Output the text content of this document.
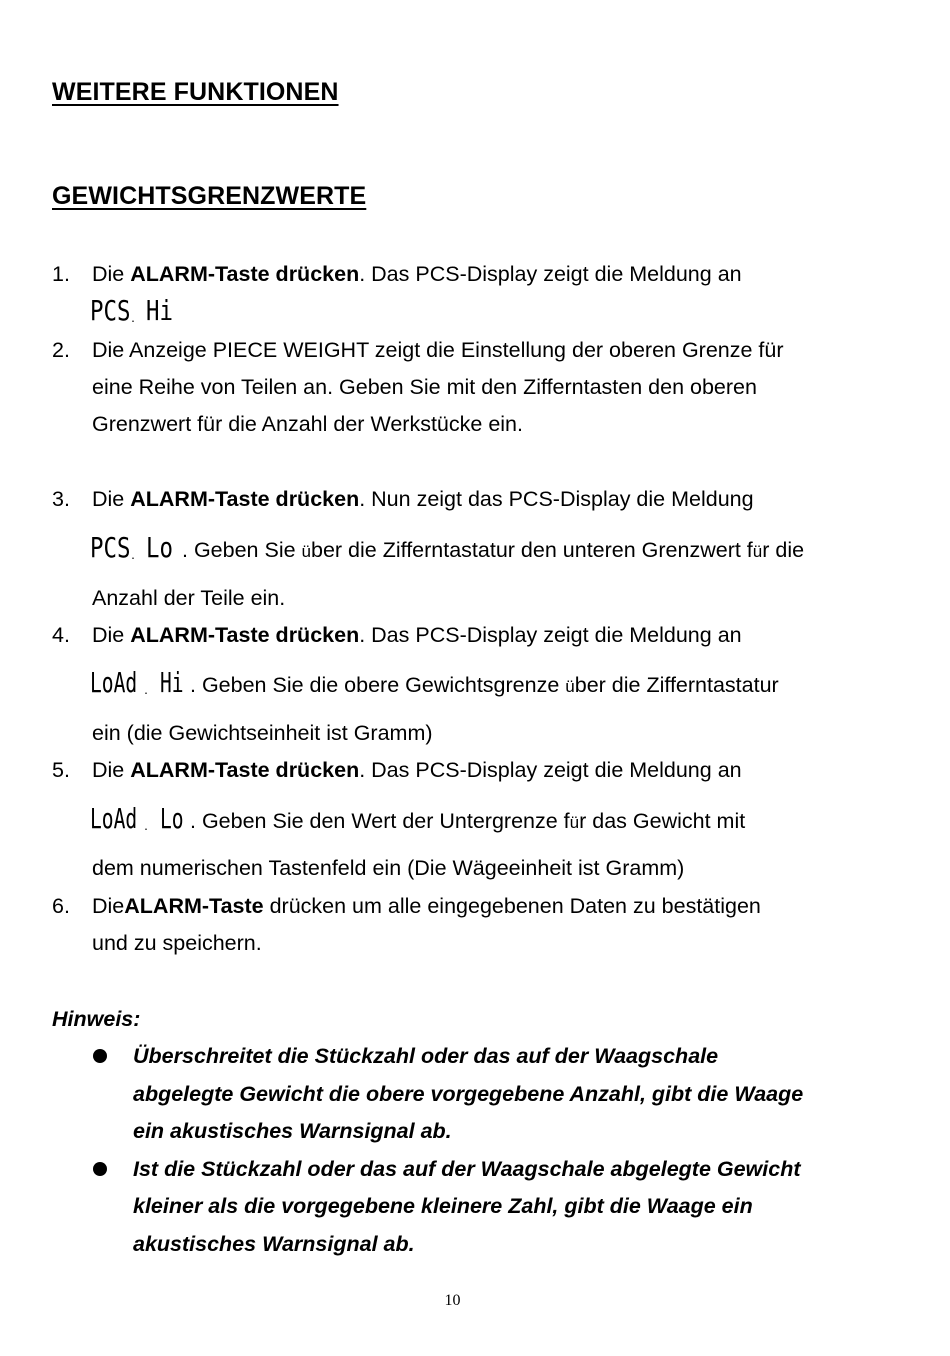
WEITERE FUNKTIONEN
GEWICHTSGRENZWERTE
1. Die ALARM-Taste drücken. Das PCS-Display zeigt die Meldung an
PCS . Hi
2. Die Anzeige PIECE WEIGHT zeigt die Einstellung der oberen Grenze für
eine Reihe von Teilen an. Geben Sie mit den Zifferntasten den oberen
Grenzwert für die Anzahl der Werkstücke ein.
3. Die ALARM-Taste drücken. Nun zeigt das PCS-Display die Meldung
PCS . Lo . Geben Sie über die Zifferntastatur den unteren Grenzwert für die
Anzahl der Teile ein.
4. Die ALARM-Taste drücken. Das PCS-Display zeigt die Meldung an
LoAd . Hi . Geben Sie die obere Gewichtsgrenze über die Zifferntastatur
ein (die Gewichtseinheit ist Gramm)
5. Die ALARM-Taste drücken. Das PCS-Display zeigt die Meldung an
LoAd . Lo . Geben Sie den Wert der Untergrenze für das Gewicht mit
dem numerischen Tastenfeld ein (Die Wägeeinheit ist Gramm)
6. DieALARM-Taste drücken um alle eingegebenen Daten zu bestätigen
und zu speichern.
Hinweis:
Überschreitet die Stückzahl oder das auf der Waagschale
abgelegte Gewicht die obere vorgegebene Anzahl, gibt die Waage
ein akustisches Warnsignal ab.
Ist die Stückzahl oder das auf der Waagschale abgelegte Gewicht
kleiner als die vorgegebene kleinere Zahl, gibt die Waage ein
akustisches Warnsignal ab.
10
